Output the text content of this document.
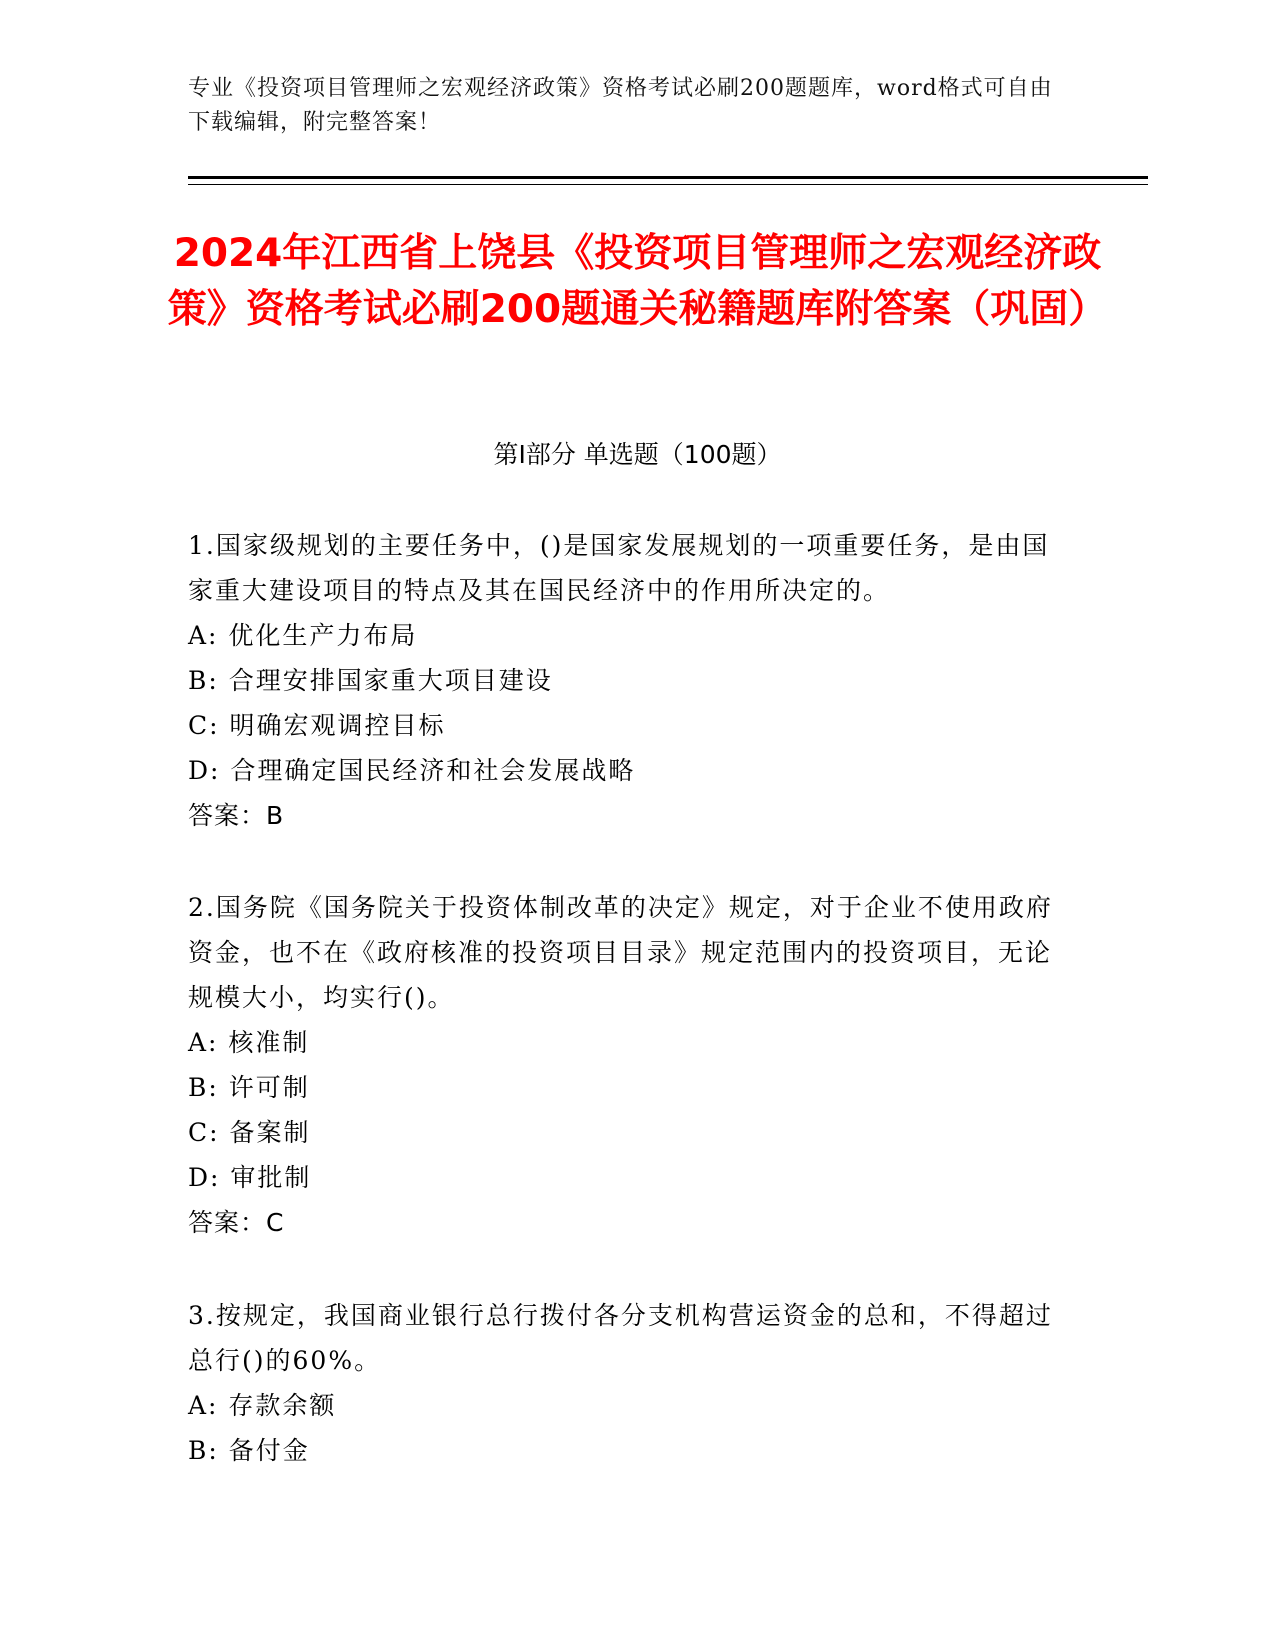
专业《投资项目管理师之宏观经济政策》资格考试必刷200题题库，word格式可自由下载编辑，附完整答案！
2024年江西省上饶县《投资项目管理师之宏观经济政策》资格考试必刷200题通关秘籍题库附答案（巩固）
第Ⅰ部分 单选题（100题）
1.国家级规划的主要任务中，()是国家发展规划的一项重要任务，是由国家重大建设项目的特点及其在国民经济中的作用所决定的。
A: 优化生产力布局
B: 合理安排国家重大项目建设
C: 明确宏观调控目标
D: 合理确定国民经济和社会发展战略
答案：B
2.国务院《国务院关于投资体制改革的决定》规定，对于企业不使用政府资金，也不在《政府核准的投资项目目录》规定范围内的投资项目，无论规模大小，均实行()。
A: 核准制
B: 许可制
C: 备案制
D: 审批制
答案：C
3.按规定，我国商业银行总行拨付各分支机构营运资金的总和，不得超过总行()的60%。
A: 存款余额
B: 备付金
